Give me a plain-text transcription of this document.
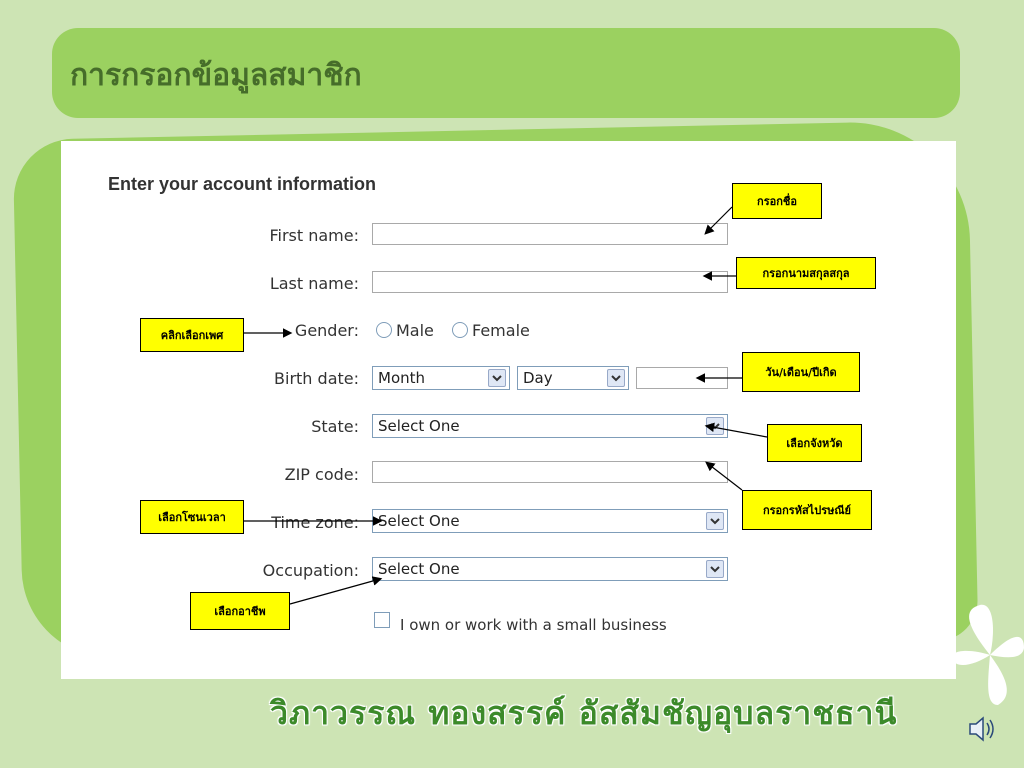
การกรอกข้อมูลสมาชิก
Enter your account information
First name:
Last name:
Gender:	Male	Female
Birth date:	Month	Day
State:	Select One
ZIP code:
Time zone:	Select One
Occupation:	Select One
I own or work with a small business
กรอกชื่อ
กรอกนามสกุลสกุล
คลิกเลือกเพศ
วัน/เดือน/ปีเกิด
เลือกจังหวัด
กรอกรหัสไปรษณีย์
เลือกโซนเวลา
เลือกอาชีพ
วิภาวรรณ ทองสรรค์ อัสสัมชัญอุบลราชธานี
